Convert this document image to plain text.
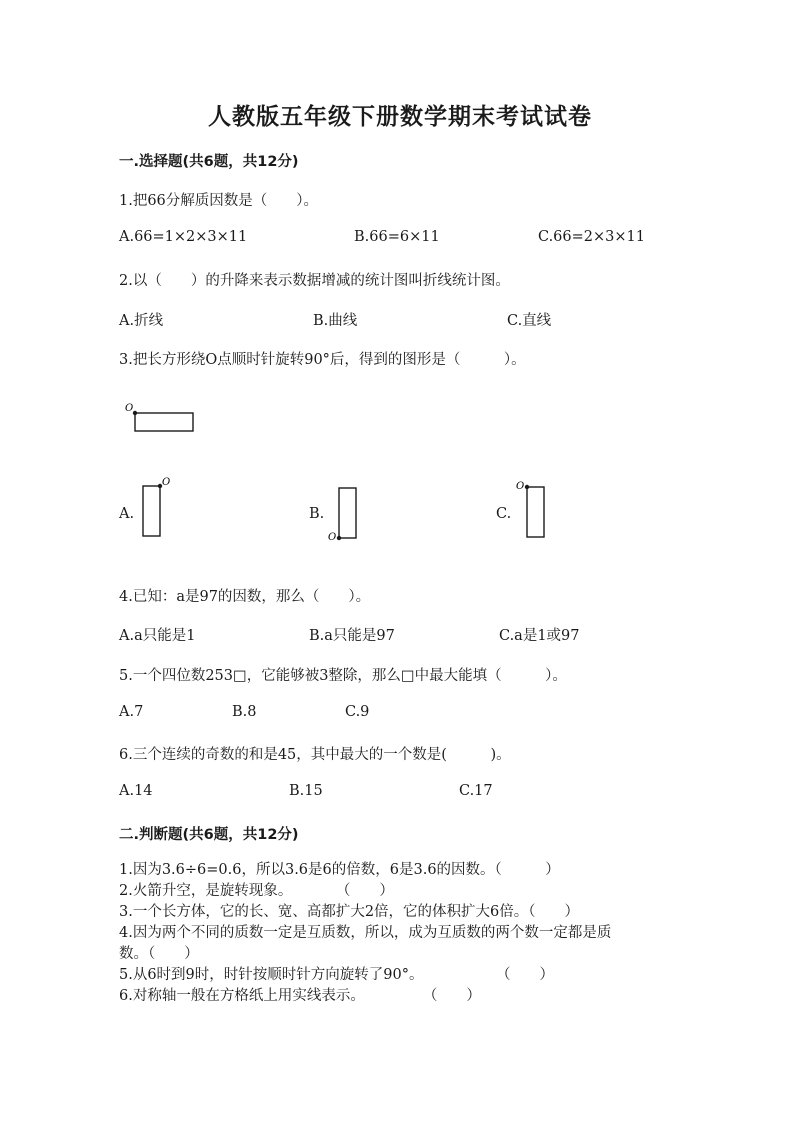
人教版五年级下册数学期末考试试卷
一.选择题(共6题，共12分)
1.把66分解质因数是（　　）。
A.66=1×2×3×11	B.66=6×11	C.66=2×3×11
2.以（　　）的升降来表示数据增减的统计图叫折线统计图。
A.折线	B.曲线	C.直线
3.把长方形绕O点顺时针旋转90°后，得到的图形是（　　　）。
O
A.
O
B.
O
C.
O
4.已知：a是97的因数，那么（　　）。
A.a只能是1	B.a只能是97	C.a是1或97
5.一个四位数253□，它能够被3整除，那么□中最大能填（　　　）。
A.7	B.8	C.9
6.三个连续的奇数的和是45，其中最大的一个数是(　　　)。
A.14	B.15	C.17
二.判断题(共6题，共12分)
1.因为3.6÷6=0.6，所以3.6是6的倍数，6是3.6的因数。（　　　）
2.火箭升空，是旋转现象。　　　　（　　）
3.一个长方体，它的长、宽、高都扩大2倍，它的体积扩大6倍。（　　）
4.因为两个不同的质数一定是互质数，所以，成为互质数的两个数一定都是质
数。（　　）
5.从6时到9时，时针按顺时针方向旋转了90°。　　　　　　（　　）
6.对称轴一般在方格纸上用实线表示。　　　　　（　　）
